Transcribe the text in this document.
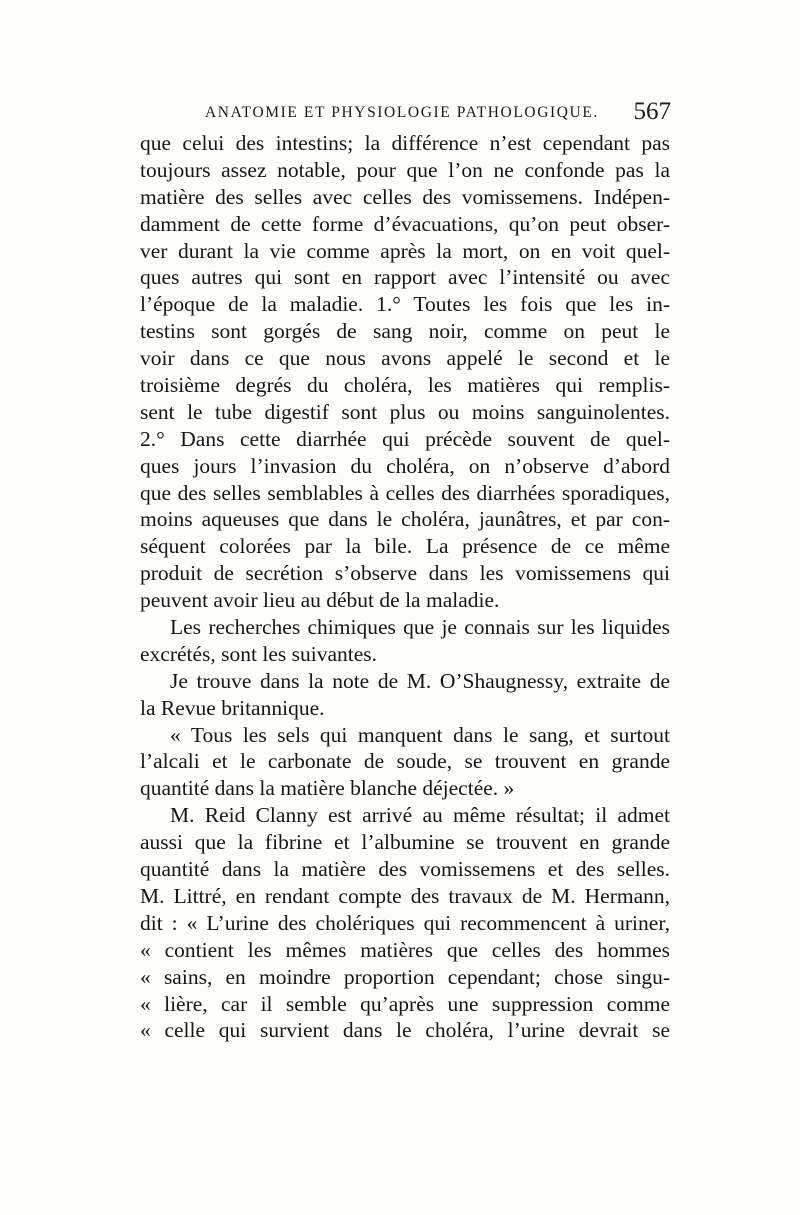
ANATOMIE ET PHYSIOLOGIE PATHOLOGIQUE. 567
que celui des intestins; la différence n’est cependant pas
toujours assez notable, pour que l’on ne confonde pas la
matière des selles avec celles des vomissemens. Indépen-
damment de cette forme d’évacuations, qu’on peut obser-
ver durant la vie comme après la mort, on en voit quel-
ques autres qui sont en rapport avec l’intensité ou avec
l’époque de la maladie. 1.° Toutes les fois que les in-
testins sont gorgés de sang noir, comme on peut le
voir dans ce que nous avons appelé le second et le
troisième degrés du choléra, les matières qui remplis-
sent le tube digestif sont plus ou moins sanguinolentes.
2.° Dans cette diarrhée qui précède souvent de quel-
ques jours l’invasion du choléra, on n’observe d’abord
que des selles semblables à celles des diarrhées sporadiques,
moins aqueuses que dans le choléra, jaunâtres, et par con-
séquent colorées par la bile. La présence de ce même
produit de secrétion s’observe dans les vomissemens qui
peuvent avoir lieu au début de la maladie.
Les recherches chimiques que je connais sur les liquides
excrétés, sont les suivantes.
Je trouve dans la note de M. O’Shaugnessy, extraite de
la Revue britannique.
« Tous les sels qui manquent dans le sang, et surtout
l’alcali et le carbonate de soude, se trouvent en grande
quantité dans la matière blanche déjectée. »
M. Reid Clanny est arrivé au même résultat; il admet
aussi que la fibrine et l’albumine se trouvent en grande
quantité dans la matière des vomissemens et des selles.
M. Littré, en rendant compte des travaux de M. Hermann,
dit : « L’urine des cholériques qui recommencent à uriner,
« contient les mêmes matières que celles des hommes
« sains, en moindre proportion cependant; chose singu-
« lière, car il semble qu’après une suppression comme
« celle qui survient dans le choléra, l’urine devrait se
